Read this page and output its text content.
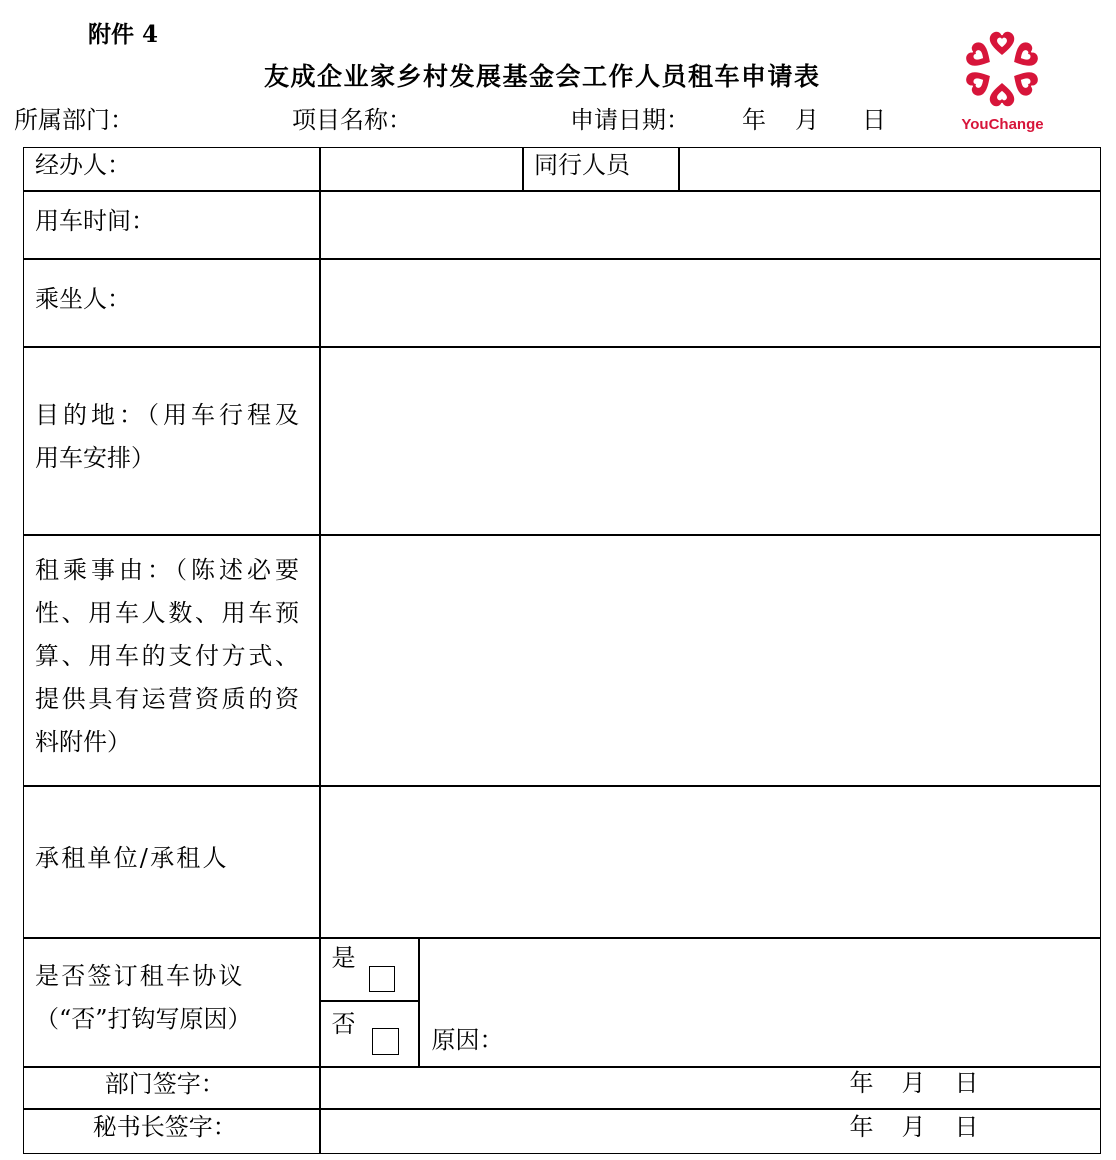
附件 4
友成企业家乡村发展基金会工作人员租车申请表
YouChange
所属部门：	项目名称：	申请日期： 年 月 日
经办人：	同行人员
用车时间：
乘坐人：
目的地：（用车行程及
用车安排）
租乘事由：（陈述必要
性、用车人数、用车预
算、用车的支付方式、
提供具有运营资质的资
料附件）
承租单位/承租人
是否签订租车协议
（“否”打钩写原因）
是
否
原因：
部门签字：	年 月 日
秘书长签字：	年 月 日
